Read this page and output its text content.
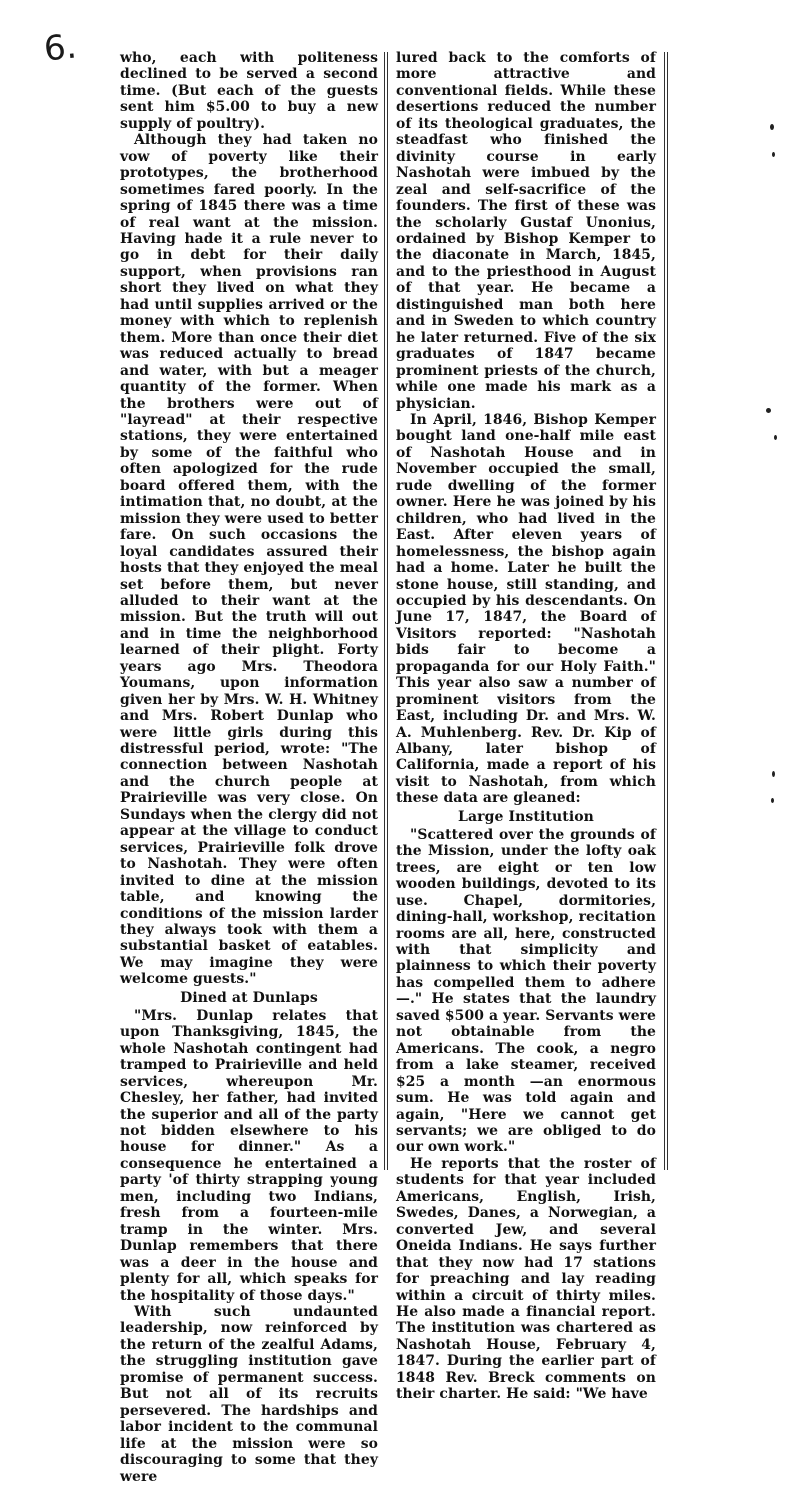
6.	who, each with politeness declined to be served a second time. (But each of the guests sent him $5.00 to buy a new supply of poultry).

Although they had taken no vow of poverty like their prototypes, the brotherhood sometimes fared poorly. In the spring of 1845 there was a time of real want at the mission. Having hade it a rule never to go in debt for their daily support, when provisions ran short they lived on what they had until supplies arrived or the money with which to replenish them. More than once their diet was reduced actually to bread and water, with but a meager quantity of the former. When the brothers were out of "layread" at their respective stations, they were entertained by some of the faithful who often apologized for the rude board offered them, with the intimation that, no doubt, at the mission they were used to better fare. On such occasions the loyal candidates assured their hosts that they enjoyed the meal set before them, but never alluded to their want at the mission. But the truth will out and in time the neighborhood learned of their plight. Forty years ago Mrs. Theodora Youmans, upon information given her by Mrs. W. H. Whitney and Mrs. Robert Dunlap who were little girls during this distressful period, wrote: "The connection between Nashotah and the church people at Prairieville was very close. On Sundays when the clergy did not appear at the village to conduct services, Prairieville folk drove to Nashotah. They were often invited to dine at the mission table, and knowing the conditions of the mission larder they always took with them a substantial basket of eatables. We may imagine they were welcome guests."

Dined at Dunlaps

"Mrs. Dunlap relates that upon Thanksgiving, 1845, the whole Nashotah contingent had tramped to Prairieville and held services, whereupon Mr. Chesley, her father, had invited the superior and all of the party not bidden elsewhere to his house for dinner." As a consequence he entertained a party 'of thirty strapping young men, including two Indians, fresh from a fourteen-mile tramp in the winter. Mrs. Dunlap remembers that there was a deer in the house and plenty for all, which speaks for the hospitality of those days."

With such undaunted leadership, now reinforced by the return of the zealful Adams, the struggling institution gave promise of permanent success. But not all of its recruits persevered. The hardships and labor incident to the communal life at the mission were so discouraging to some that they were

lured back to the comforts of more attractive and conventional fields. While these desertions reduced the number of its theological graduates, the steadfast who finished the divinity course in early Nashotah were imbued by the zeal and self-sacrifice of the founders. The first of these was the scholarly Gustaf Unonius, ordained by Bishop Kemper to the diaconate in March, 1845, and to the priesthood in August of that year. He became a distinguished man both here and in Sweden to which country he later returned. Five of the six graduates of 1847 became prominent priests of the church, while one made his mark as a physician.

In April, 1846, Bishop Kemper bought land one-half mile east of Nashotah House and in November occupied the small, rude dwelling of the former owner. Here he was joined by his children, who had lived in the East. After eleven years of homelessness, the bishop again had a home. Later he built the stone house, still standing, and occupied by his descendants. On June 17, 1847, the Board of Visitors reported: "Nashotah bids fair to become a propaganda for our Holy Faith." This year also saw a number of prominent visitors from the East, including Dr. and Mrs. W. A. Muhlenberg. Rev. Dr. Kip of Albany, later bishop of California, made a report of his visit to Nashotah, from which these data are gleaned:

Large Institution

"Scattered over the grounds of the Mission, under the lofty oak trees, are eight or ten low wooden buildings, devoted to its use. Chapel, dormitories, dining-hall, workshop, recitation rooms are all, here, constructed with that simplicity and plainness to which their poverty has compelled them to adhere—." He states that the laundry saved $500 a year. Servants were not obtainable from the Americans. The cook, a negro from a lake steamer, received $25 a month —an enormous sum. He was told again and again, "Here we cannot get servants; we are obliged to do our own work."

He reports that the roster of students for that year included Americans, English, Irish, Swedes, Danes, a Norwegian, a converted Jew, and several Oneida Indians. He says further that they now had 17 stations for preaching and lay reading within a circuit of thirty miles. He also made a financial report. The institution was chartered as Nashotah House, February 4, 1847. During the earlier part of 1848 Rev. Breck comments on their charter. He said: "We have
